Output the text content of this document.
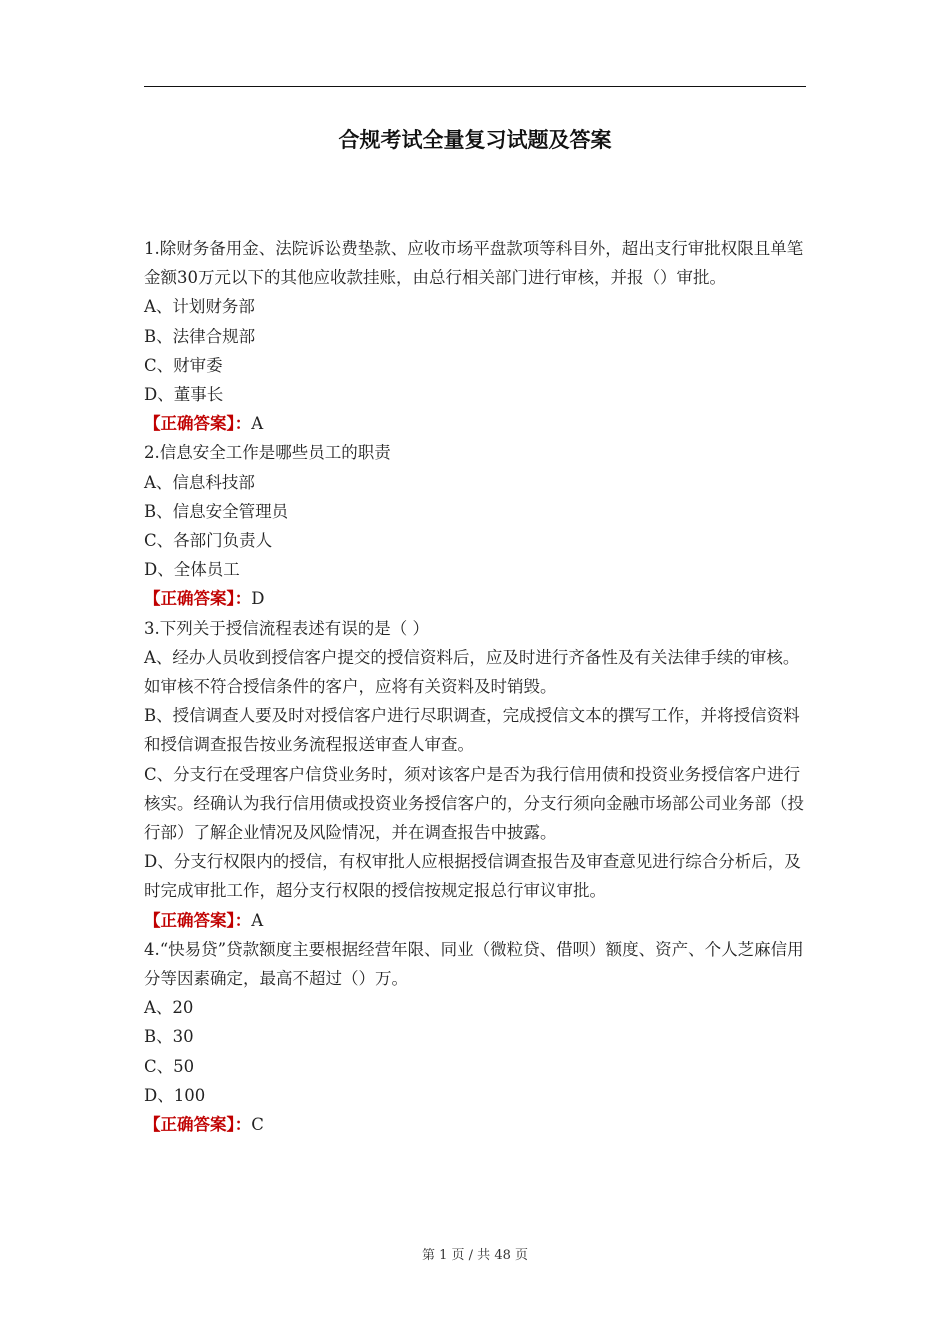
合规考试全量复习试题及答案

1.除财务备用金、法院诉讼费垫款、应收市场平盘款项等科目外，超出支行审批权限且单笔金额30万元以下的其他应收款挂账，由总行相关部门进行审核，并报（）审批。

A、计划财务部

B、法律合规部

C、财审委

D、董事长

【正确答案】：A

2.信息安全工作是哪些员工的职责

A、信息科技部

B、信息安全管理员

C、各部门负责人

D、全体员工

【正确答案】：D

3.下列关于授信流程表述有误的是（ ）

A、经办人员收到授信客户提交的授信资料后，应及时进行齐备性及有关法律手续的审核。如审核不符合授信条件的客户，应将有关资料及时销毁。

B、授信调查人要及时对授信客户进行尽职调查，完成授信文本的撰写工作，并将授信资料和授信调查报告按业务流程报送审查人审查。

C、分支行在受理客户信贷业务时，须对该客户是否为我行信用债和投资业务授信客户进行核实。经确认为我行信用债或投资业务授信客户的，分支行须向金融市场部公司业务部（投行部）了解企业情况及风险情况，并在调查报告中披露。

D、分支行权限内的授信，有权审批人应根据授信调查报告及审查意见进行综合分析后，及时完成审批工作，超分支行权限的授信按规定报总行审议审批。

【正确答案】：A

4.“快易贷”贷款额度主要根据经营年限、同业（微粒贷、借呗）额度、资产、个人芝麻信用分等因素确定，最高不超过（）万。

A、20

B、30

C、50

D、100

【正确答案】：C

第 1 页 / 共 48 页
